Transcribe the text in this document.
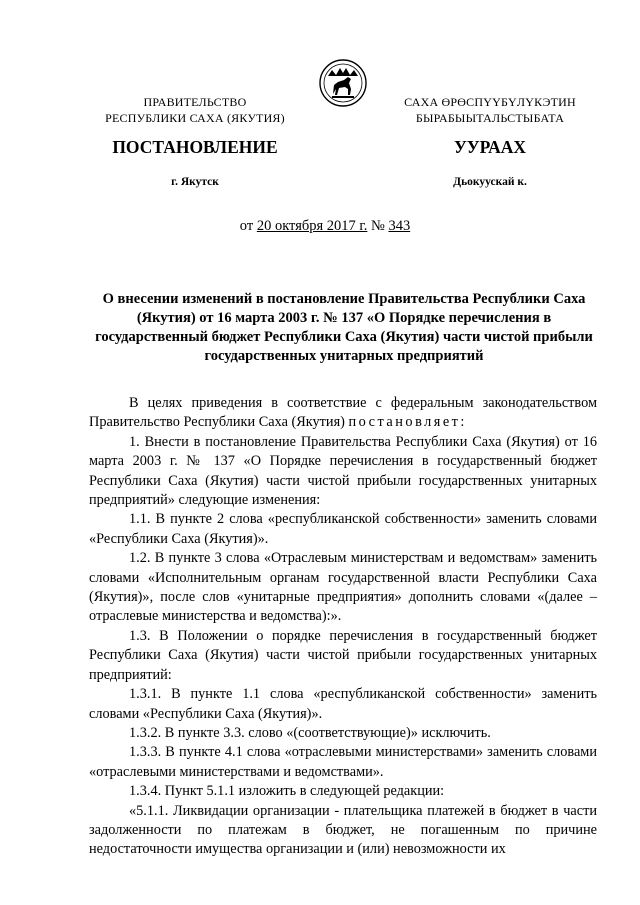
ПРАВИТЕЛЬСТВО
РЕСПУБЛИКИ САХА (ЯКУТИЯ)
САХА ӨРӨСПҮҮБҮЛҮКЭТИН
БЫРАБЫЫТАЛЬСТЫБАТА
ПОСТАНОВЛЕНИЕ	УУРААХ
г. Якутск	Дьокуускай к.
от 20 октября 2017 г. № 343
О внесении изменений в постановление Правительства Республики Саха (Якутия) от 16 марта 2003 г. № 137 «О Порядке перечисления в государственный бюджет Республики Саха (Якутия) части чистой прибыли государственных унитарных предприятий

В целях приведения в соответствие с федеральным законодательством Правительство Республики Саха (Якутия) постановляет:

1. Внести в постановление Правительства Республики Саха (Якутия) от 16 марта 2003 г. № 137 «О Порядке перечисления в государственный бюджет Республики Саха (Якутия) части чистой прибыли государственных унитарных предприятий» следующие изменения:

1.1. В пункте 2 слова «республиканской собственности» заменить словами «Республики Саха (Якутия)».

1.2. В пункте 3 слова «Отраслевым министерствам и ведомствам» заменить словами «Исполнительным органам государственной власти Республики Саха (Якутия)», после слов «унитарные предприятия» дополнить словами «(далее – отраслевые министерства и ведомства):».

1.3. В Положении о порядке перечисления в государственный бюджет Республики Саха (Якутия) части чистой прибыли государственных унитарных предприятий:

1.3.1. В пункте 1.1 слова «республиканской собственности» заменить словами «Республики Саха (Якутия)».

1.3.2. В пункте 3.3. слово «(соответствующие)» исключить.

1.3.3. В пункте 4.1 слова «отраслевыми министерствами» заменить словами «отраслевыми министерствами и ведомствами».

1.3.4. Пункт 5.1.1 изложить в следующей редакции:

«5.1.1. Ликвидации организации - плательщика платежей в бюджет в части задолженности по платежам в бюджет, не погашенным по причине недостаточности имущества организации и (или) невозможности их
